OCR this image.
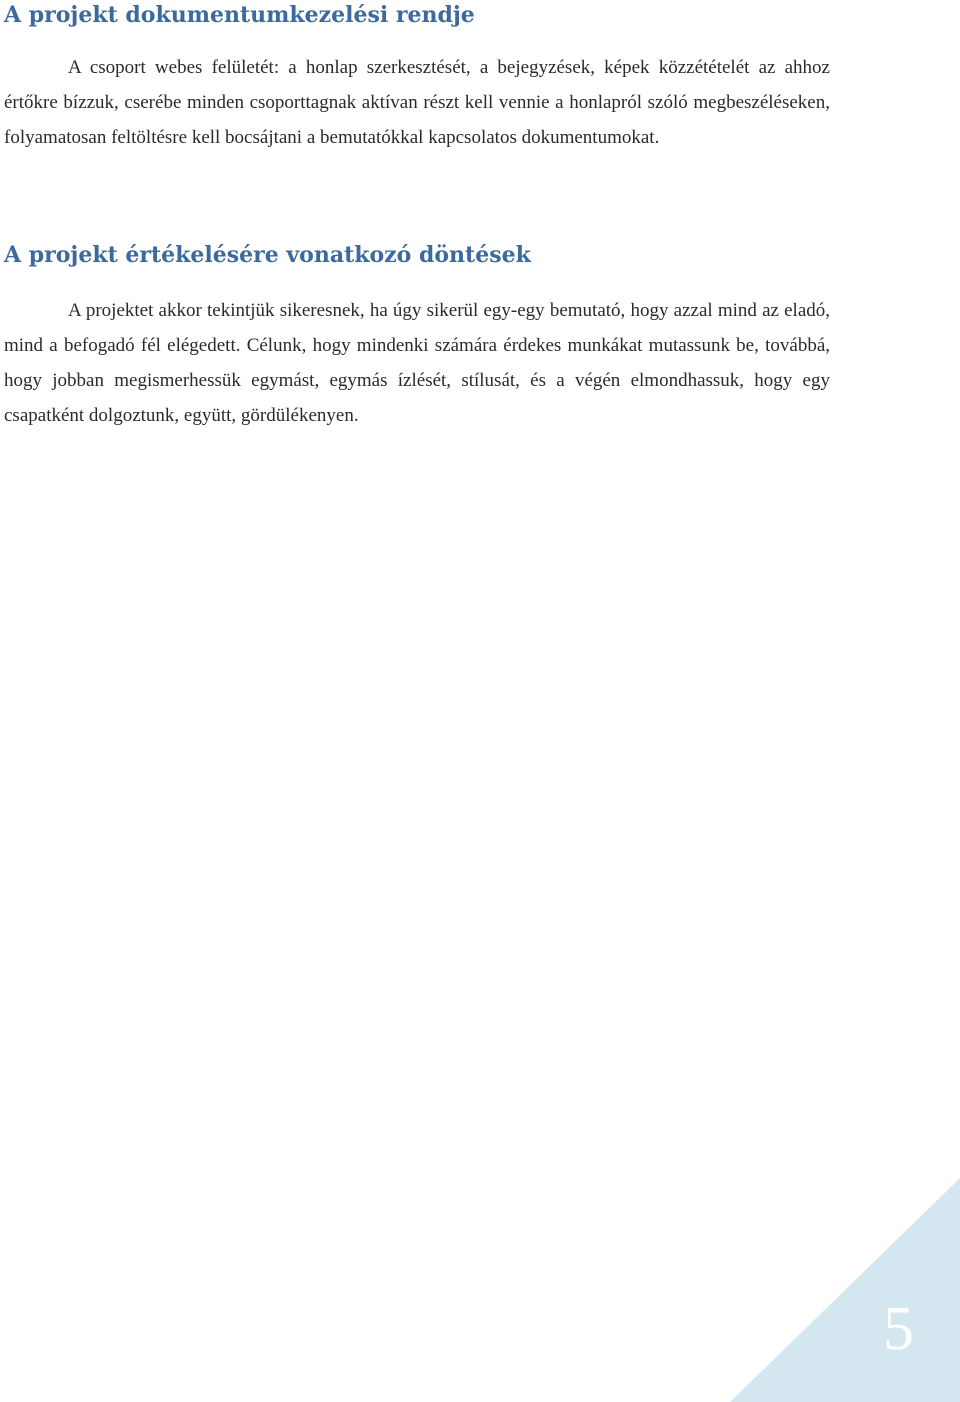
A projekt dokumentumkezelési rendje

A csoport webes felületét: a honlap szerkesztését, a bejegyzések, képek közzétételét az ahhoz értőkre bízzuk, cserébe minden csoporttagnak aktívan részt kell vennie a honlapról szóló megbeszéléseken, folyamatosan feltöltésre kell bocsájtani a bemutatókkal kapcsolatos dokumentumokat.

A projekt értékelésére vonatkozó döntések

A projektet akkor tekintjük sikeresnek, ha úgy sikerül egy-egy bemutató, hogy azzal mind az eladó, mind a befogadó fél elégedett. Célunk, hogy mindenki számára érdekes munkákat mutassunk be, továbbá, hogy jobban megismerhessük egymást, egymás ízlését, stílusát, és a végén elmondhassuk, hogy egy csapatként dolgoztunk, együtt, gördülékenyen.

5
